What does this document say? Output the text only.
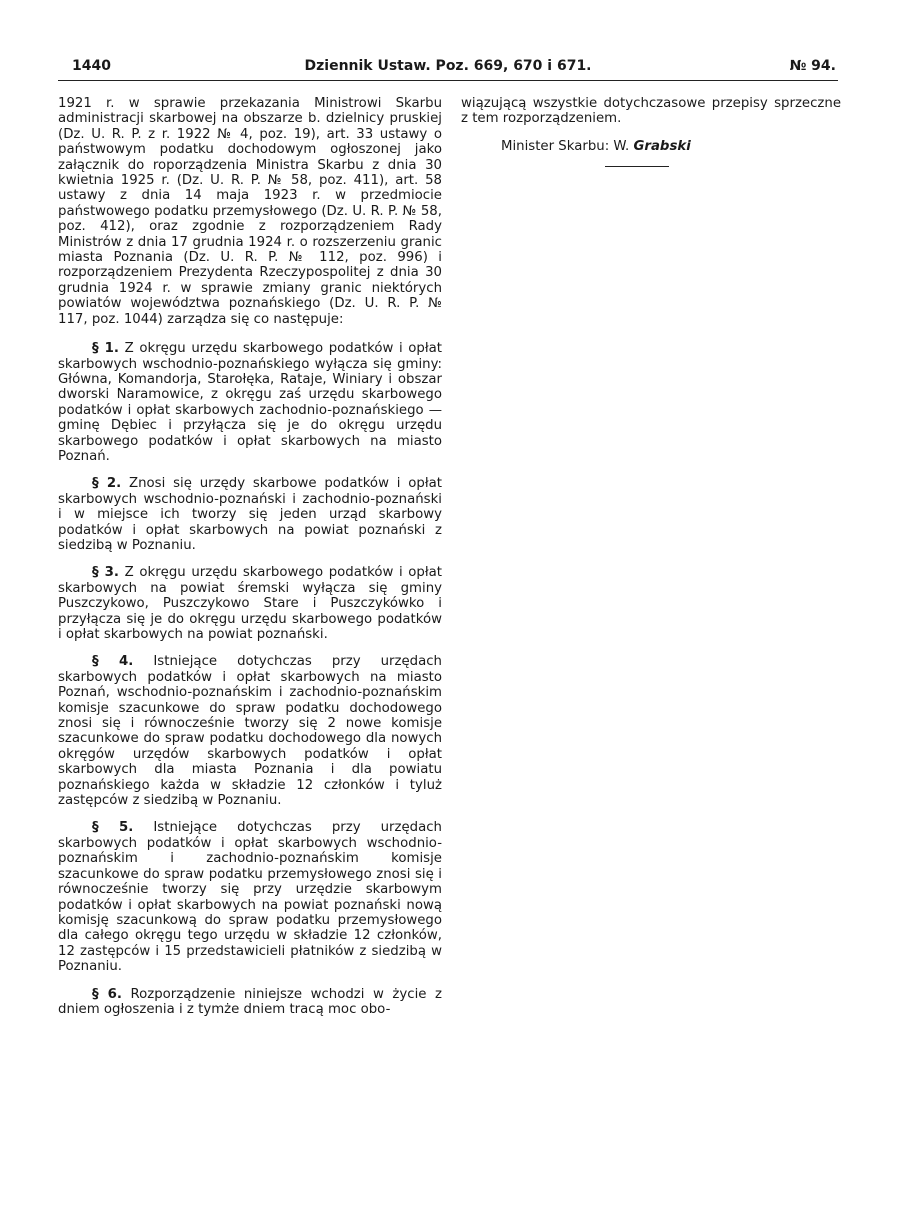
1440	Dziennik Ustaw. Poz. 669, 670 i 671.	№ 94.

1921 r. w sprawie przekazania Ministrowi Skarbu administracji skarbowej na obszarze b. dzielnicy pruskiej (Dz. U. R. P. z r. 1922 № 4, poz. 19), art. 33 ustawy o państwowym podatku dochodowym ogłoszonej jako załącznik do roporządzenia Ministra Skarbu z dnia 30 kwietnia 1925 r. (Dz. U. R. P. № 58, poz. 411), art. 58 ustawy z dnia 14 maja 1923 r. w przedmiocie państwowego podatku przemysłowego (Dz. U. R. P. № 58, poz. 412), oraz zgodnie z rozporządzeniem Rady Ministrów z dnia 17 grudnia 1924 r. o rozszerzeniu granic miasta Poznania (Dz. U. R. P. № 112, poz. 996) i rozporządzeniem Prezydenta Rzeczypospolitej z dnia 30 grudnia 1924 r. w sprawie zmiany granic niektórych powiatów województwa poznańskiego (Dz. U. R. P. № 117, poz. 1044) zarządza się co następuje:

§ 1. Z okręgu urzędu skarbowego podatków i opłat skarbowych wschodnio-poznańskiego wyłącza się gminy: Główna, Komandorja, Starołęka, Rataje, Winiary i obszar dworski Naramowice, z okręgu zaś urzędu skarbowego podatków i opłat skarbowych zachodnio-poznańskiego — gminę Dębiec i przyłącza się je do okręgu urzędu skarbowego podatków i opłat skarbowych na miasto Poznań.

§ 2. Znosi się urzędy skarbowe podatków i opłat skarbowych wschodnio-poznański i zachodnio-poznański i w miejsce ich tworzy się jeden urząd skarbowy podatków i opłat skarbowych na powiat poznański z siedzibą w Poznaniu.

§ 3. Z okręgu urzędu skarbowego podatków i opłat skarbowych na powiat śremski wyłącza się gminy Puszczykowo, Puszczykowo Stare i Puszczykówko i przyłącza się je do okręgu urzędu skarbowego podatków i opłat skarbowych na powiat poznański.

§ 4. Istniejące dotychczas przy urzędach skarbowych podatków i opłat skarbowych na miasto Poznań, wschodnio-poznańskim i zachodnio-poznańskim komisje szacunkowe do spraw podatku dochodowego znosi się i równocześnie tworzy się 2 nowe komisje szacunkowe do spraw podatku dochodowego dla nowych okręgów urzędów skarbowych podatków i opłat skarbowych dla miasta Poznania i dla powiatu poznańskiego każda w składzie 12 członków i tyluż zastępców z siedzibą w Poznaniu.

§ 5. Istniejące dotychczas przy urzędach skarbowych podatków i opłat skarbowych wschodnio-poznańskim i zachodnio-poznańskim komisje szacunkowe do spraw podatku przemysłowego znosi się i równocześnie tworzy się przy urzędzie skarbowym podatków i opłat skarbowych na powiat poznański nową komisję szacunkową do spraw podatku przemysłowego dla całego okręgu tego urzędu w składzie 12 członków, 12 zastępców i 15 przedstawicieli płatników z siedzibą w Poznaniu.

§ 6. Rozporządzenie niniejsze wchodzi w życie z dniem ogłoszenia i z tymże dniem tracą moc obo-

wiązującą wszystkie dotychczasowe przepisy sprzeczne z tem rozporządzeniem.

Minister Skarbu: W. Grabski
